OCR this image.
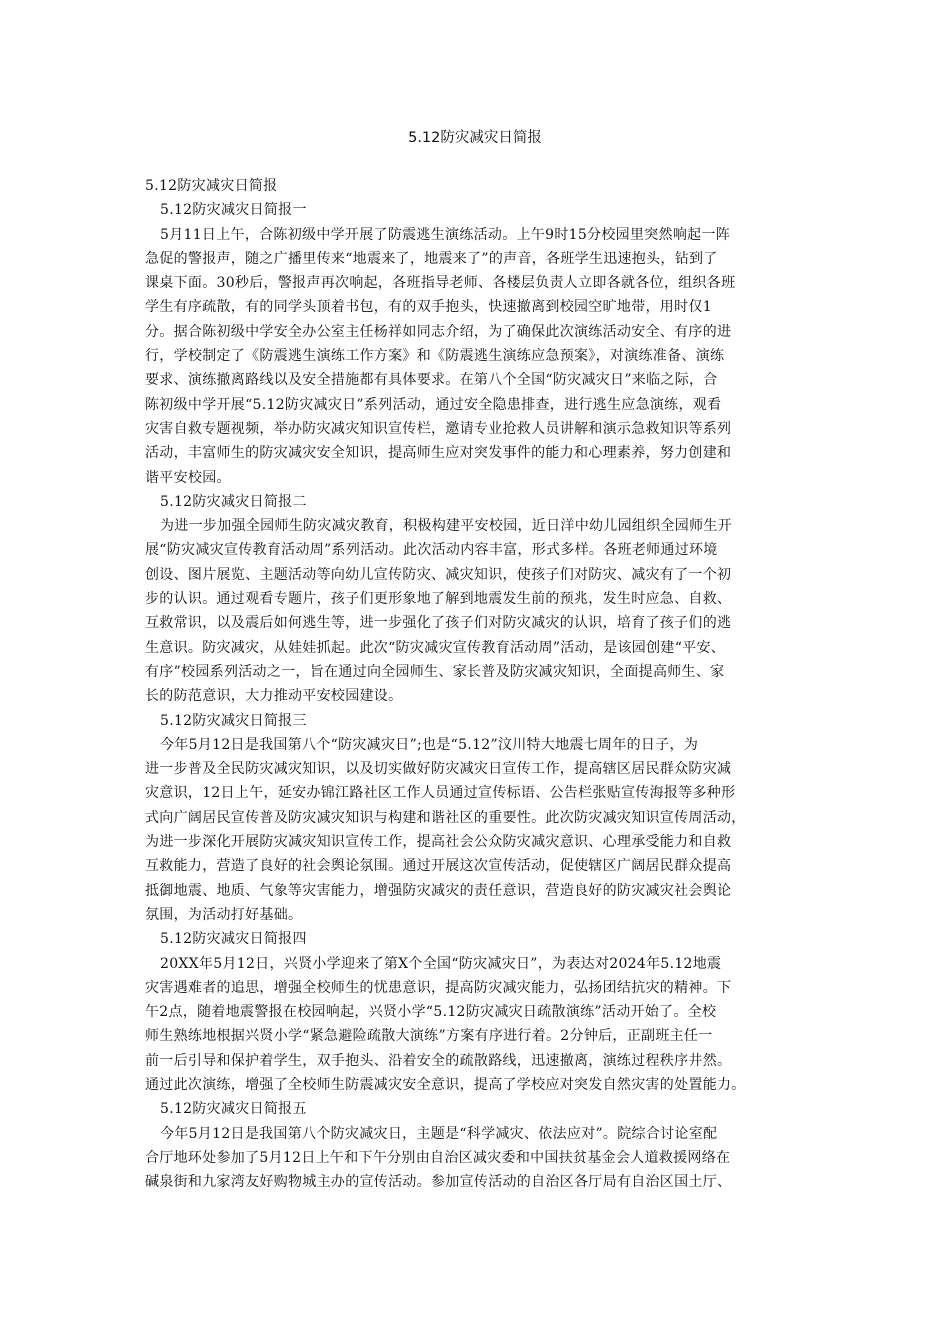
5.12防灾减灾日简报

5.12防灾减灾日简报

5.12防灾减灾日简报一

5月11日上午，合陈初级中学开展了防震逃生演练活动。上午9时15分校园里突然响起一阵

急促的警报声，随之广播里传来“地震来了，地震来了”的声音，各班学生迅速抱头，钻到了

课桌下面。30秒后，警报声再次响起，各班指导老师、各楼层负责人立即各就各位，组织各班

学生有序疏散，有的同学头顶着书包，有的双手抱头，快速撤离到校园空旷地带，用时仅1

分。据合陈初级中学安全办公室主任杨祥如同志介绍，为了确保此次演练活动安全、有序的进

行，学校制定了《防震逃生演练工作方案》和《防震逃生演练应急预案》，对演练准备、演练

要求、演练撤离路线以及安全措施都有具体要求。在第八个全国“防灾减灾日”来临之际，合

陈初级中学开展“5.12防灾减灾日”系列活动，通过安全隐患排查，进行逃生应急演练，观看

灾害自救专题视频，举办防灾减灾知识宣传栏，邀请专业抢救人员讲解和演示急救知识等系列

活动，丰富师生的防灾减灾安全知识，提高师生应对突发事件的能力和心理素养，努力创建和

谐平安校园。

5.12防灾减灾日简报二

为进一步加强全园师生防灾减灾教育，积极构建平安校园，近日洋中幼儿园组织全园师生开

展“防灾减灾宣传教育活动周”系列活动。此次活动内容丰富，形式多样。各班老师通过环境

创设、图片展览、主题活动等向幼儿宣传防灾、减灾知识，使孩子们对防灾、减灾有了一个初

步的认识。通过观看专题片，孩子们更形象地了解到地震发生前的预兆，发生时应急、自救、

互救常识，以及震后如何逃生等，进一步强化了孩子们对防灾减灾的认识，培育了孩子们的逃

生意识。防灾减灾，从娃娃抓起。此次“防灾减灾宣传教育活动周”活动，是该园创建“平安、

有序”校园系列活动之一，旨在通过向全园师生、家长普及防灾减灾知识，全面提高师生、家

长的防范意识，大力推动平安校园建设。

5.12防灾减灾日简报三

今年5月12日是我国第八个“防灾减灾日”;也是“5.12”汶川特大地震七周年的日子，为

进一步普及全民防灾减灾知识，以及切实做好防灾减灾日宣传工作，提高辖区居民群众防灾减

灾意识，12日上午，延安办锦江路社区工作人员通过宣传标语、公告栏张贴宣传海报等多种形

式向广阔居民宣传普及防灾减灾知识与构建和谐社区的重要性。此次防灾减灾知识宣传周活动，

为进一步深化开展防灾减灾知识宣传工作，提高社会公众防灾减灾意识、心理承受能力和自救

互救能力，营造了良好的社会舆论氛围。通过开展这次宣传活动，促使辖区广阔居民群众提高

抵御地震、地质、气象等灾害能力，增强防灾减灾的责任意识，营造良好的防灾减灾社会舆论

氛围，为活动打好基础。

5.12防灾减灾日简报四

20XX年5月12日，兴贤小学迎来了第X个全国“防灾减灾日”，为表达对2024年5.12地震

灾害遇难者的追思，增强全校师生的忧患意识，提高防灾减灾能力，弘扬团结抗灾的精神。下

午2点，随着地震警报在校园响起，兴贤小学“5.12防灾减灾日疏散演练”活动开始了。全校

师生熟练地根据兴贤小学“紧急避险疏散大演练”方案有序进行着。2分钟后，正副班主任一

前一后引导和保护着学生，双手抱头、沿着安全的疏散路线，迅速撤离，演练过程秩序井然。

通过此次演练，增强了全校师生防震减灾安全意识，提高了学校应对突发自然灾害的处置能力。

5.12防灾减灾日简报五

今年5月12日是我国第八个防灾减灾日，主题是“科学减灾、依法应对”。院综合讨论室配

合厅地环处参加了5月12日上午和下午分别由自治区减灾委和中国扶贫基金会人道救援网络在

碱泉街和九家湾友好购物城主办的宣传活动。参加宣传活动的自治区各厅局有自治区国土厅、
